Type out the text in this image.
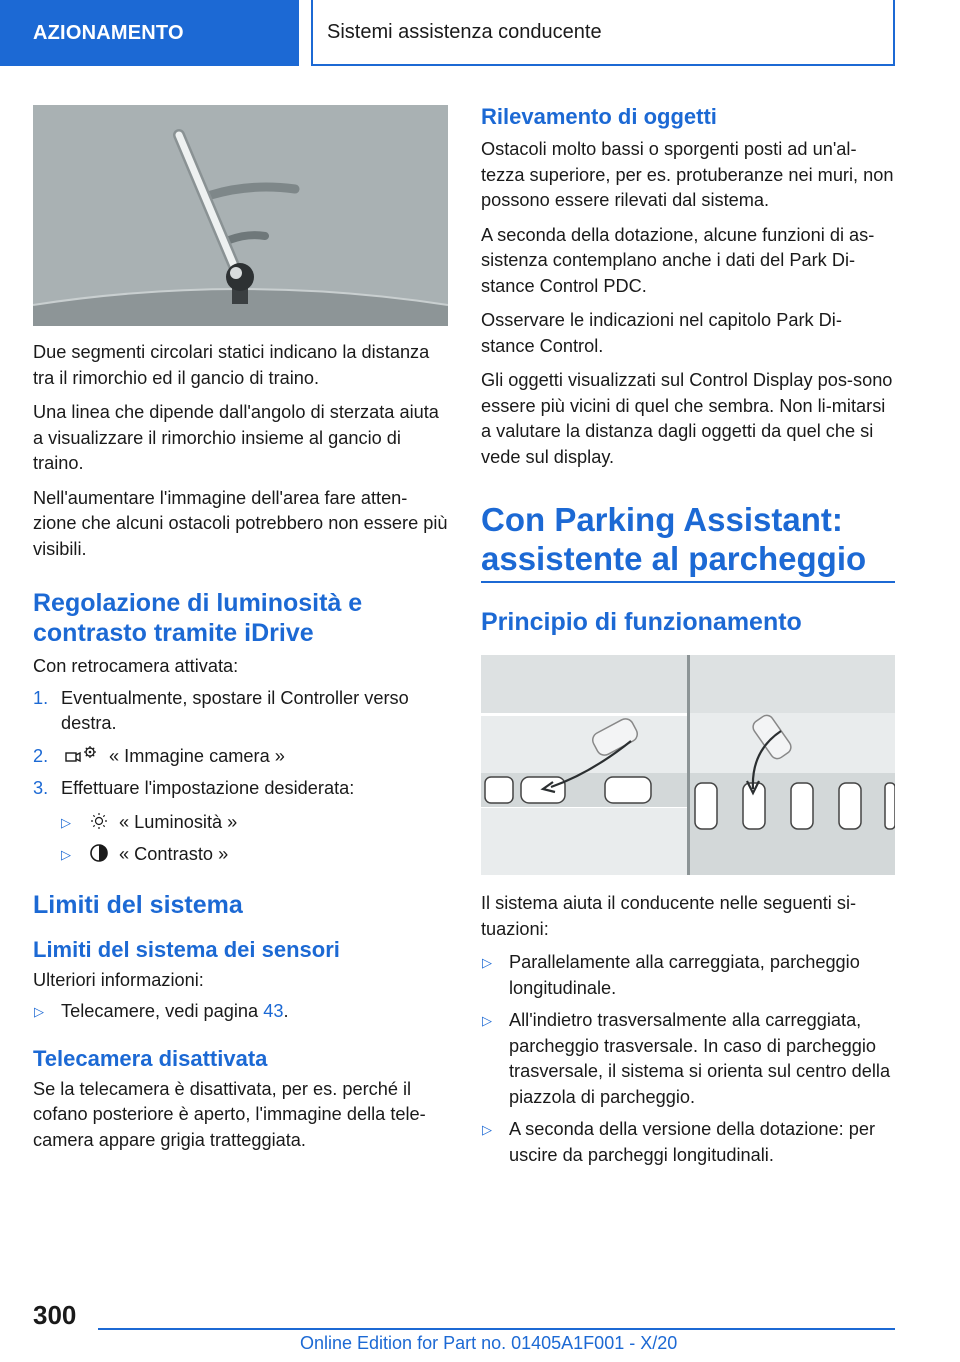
AZIONAMENTO	Sistemi assistenza conducente

Due segmenti circolari statici indicano la distanza tra il rimorchio ed il gancio di traino.

Una linea che dipende dall'angolo di sterzata aiuta a visualizzare il rimorchio insieme al gancio di traino.

Nell'aumentare l'immagine dell'area fare atten-zione che alcuni ostacoli potrebbero non essere più visibili.

Regolazione di luminosità e contrasto tramite iDrive

Con retrocamera attivata:

1. Eventualmente, spostare il Controller verso destra.
2.	« Immagine camera »
3. Effettuare l'impostazione desiderata:
▷	« Luminosità »
▷	« Contrasto »
Limiti del sistema
Limiti del sistema dei sensori

Ulteriori informazioni:

▷ Telecamere, vedi pagina 43.
Telecamera disattivata

Se la telecamera è disattivata, per es. perché il cofano posteriore è aperto, l'immagine della tele-camera appare grigia tratteggiata.

Rilevamento di oggetti

Ostacoli molto bassi o sporgenti posti ad un'al-tezza superiore, per es. protuberanze nei muri, non possono essere rilevati dal sistema.

A seconda della dotazione, alcune funzioni di as-sistenza contemplano anche i dati del Park Di-stance Control PDC.

Osservare le indicazioni nel capitolo Park Di-stance Control.

Gli oggetti visualizzati sul Control Display pos-sono essere più vicini di quel che sembra. Non li-mitarsi a valutare la distanza dagli oggetti da quel che si vede sul display.

Con Parking Assistant: assistente al parcheggio
Principio di funzionamento

Il sistema aiuta il conducente nelle seguenti si-tuazioni:

▷ Parallelamente alla carreggiata, parcheggio longitudinale.
▷ All'indietro trasversalmente alla carreggiata, parcheggio trasversale. In caso di parcheggio trasversale, il sistema si orienta sul centro della piazzola di parcheggio.
▷ A seconda della versione della dotazione: per uscire da parcheggi longitudinali.
300
Online Edition for Part no. 01405A1F001 - X/20
